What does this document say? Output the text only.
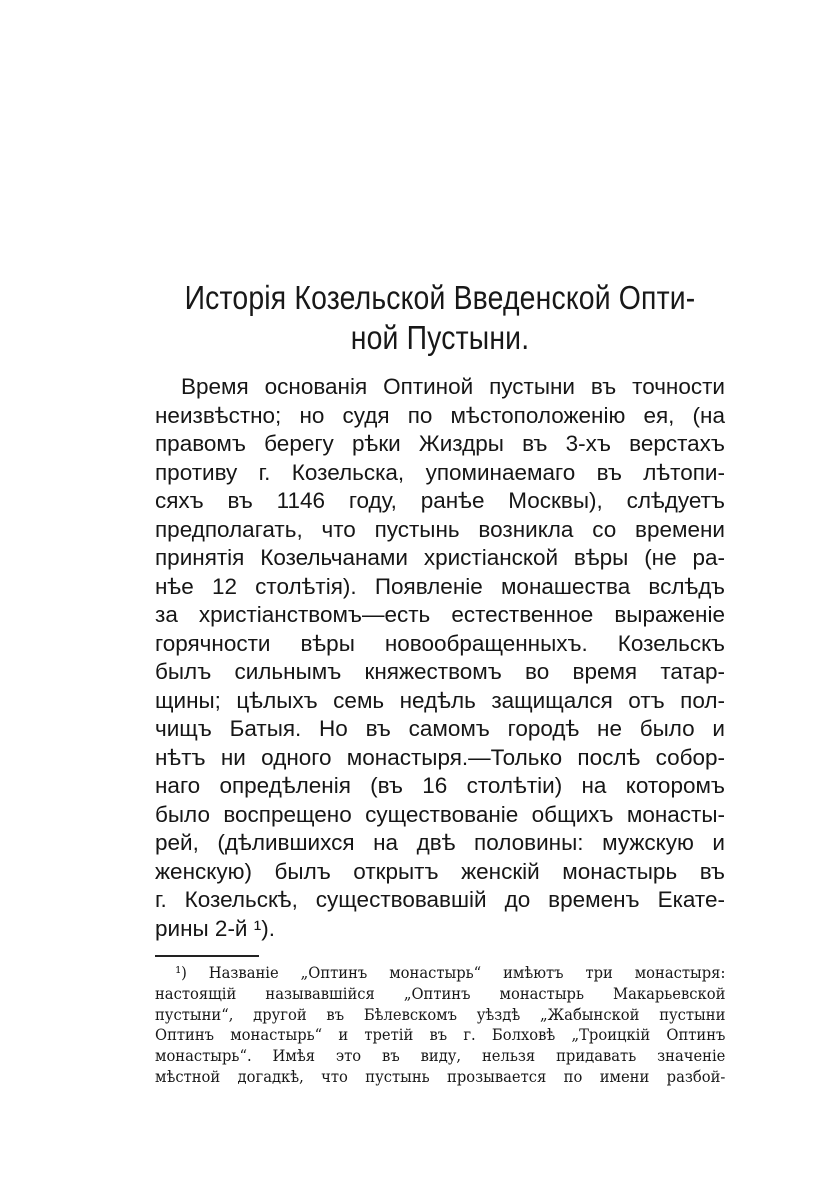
Исторія Козельской Введенской Опти-
ной Пустыни.
Время основанія Оптиной пустыни въ точности
неизвѣстно; но судя по мѣстоположенію ея, (на
правомъ берегу рѣки Жиздры въ 3-хъ верстахъ
противу г. Козельска, упоминаемаго въ лѣтопи-
сяхъ въ 1146 году, ранѣе Москвы), слѣдуетъ
предполагать, что пустынь возникла со времени
принятія Козельчанами христіанской вѣры (не ра-
нѣе 12 столѣтія). Появленіе монашества вслѣдъ
за христіанствомъ—есть естественное выраженіе
горячности вѣры новообращенныхъ. Козельскъ
былъ сильнымъ княжествомъ во время татар-
щины; цѣлыхъ семь недѣль защищался отъ пол-
чищъ Батыя. Но въ самомъ городѣ не было и
нѣтъ ни одного монастыря.—Только послѣ собор-
наго опредѣленія (въ 16 столѣтіи) на которомъ
было воспрещено существованіе общихъ монасты-
рей, (дѣлившихся на двѣ половины: мужскую и
женскую) былъ открытъ женскій монастырь въ
г. Козельскѣ, существовавшій до временъ Екате-
рины 2-й ¹).
¹) Названіе „Оптинъ монастырь“ имѣютъ три монастыря:
настоящій называвшійся „Оптинъ монастырь Макарьевской
пустыни“, другой въ Бѣлевскомъ уѣздѣ „Жабынской пустыни
Оптинъ монастырь“ и третій въ г. Болховѣ „Троицкій Оптинъ
монастырь“. Имѣя это въ виду, нельзя придавать значеніе
мѣстной догадкѣ, что пустынь прозывается по имени разбой-
